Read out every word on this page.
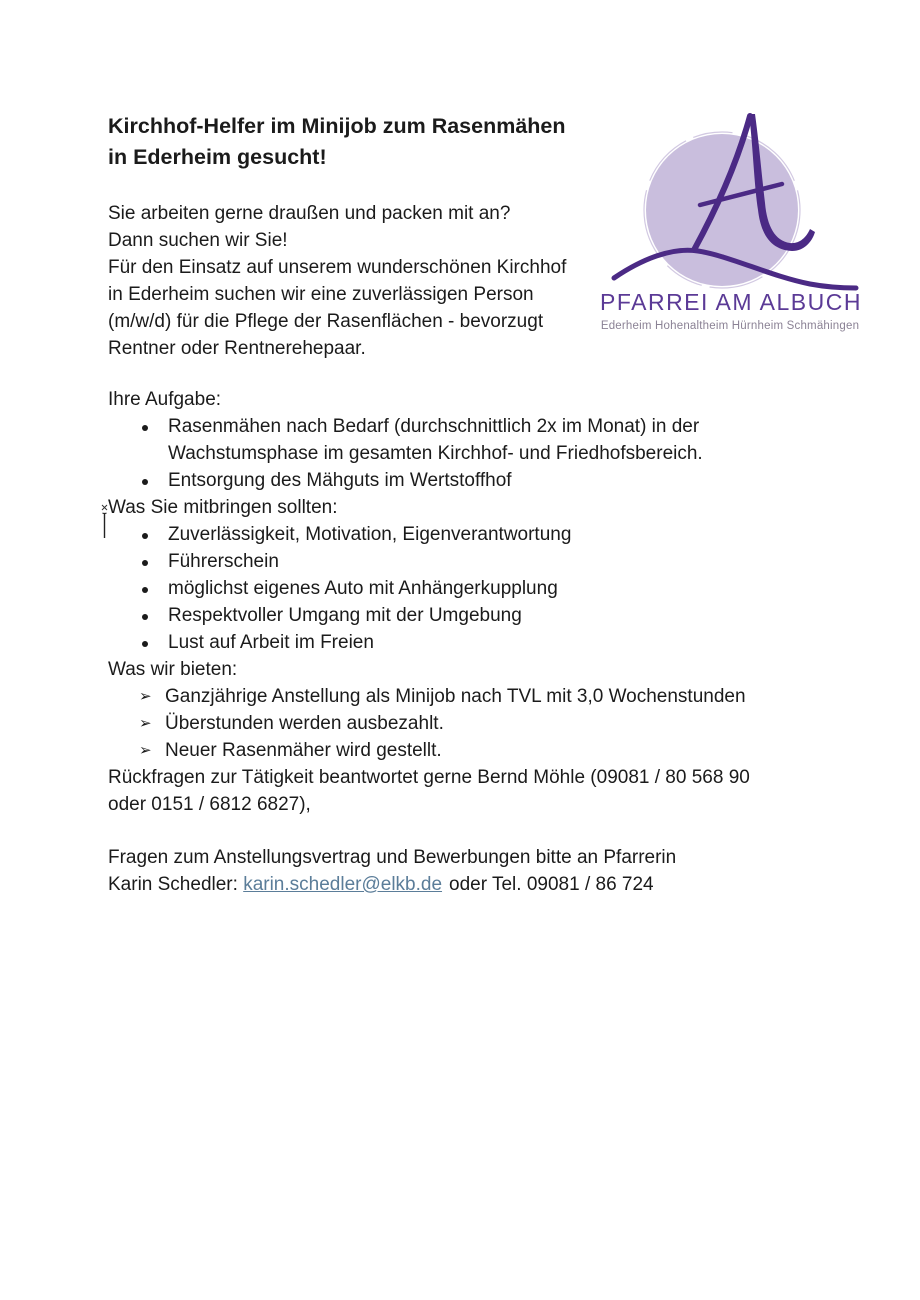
PFARREI AM ALBUCH
Ederheim Hohenaltheim Hürnheim Schmähingen
Kirchhof-Helfer im Minijob zum Rasenmähen
in Ederheim gesucht!
Sie arbeiten gerne draußen und packen mit an?
Dann suchen wir Sie!
Für den Einsatz auf unserem wunderschönen Kirchhof
in Ederheim suchen wir eine zuverlässigen Person
(m/w/d) für die Pflege der Rasenflächen - bevorzugt
Rentner oder Rentnerehepaar.
Ihre Aufgabe:
Rasenmähen nach Bedarf (durchschnittlich 2x im Monat) in der
Wachstumsphase im gesamten Kirchhof- und Friedhofsbereich.
Entsorgung des Mähguts im Wertstoffhof
Was Sie mitbringen sollten:
Zuverlässigkeit, Motivation, Eigenverantwortung
Führerschein
möglichst eigenes Auto mit Anhängerkupplung
Respektvoller Umgang mit der Umgebung
Lust auf Arbeit im Freien
Was wir bieten:
➢ Ganzjährige Anstellung als Minijob nach TVL mit 3,0 Wochenstunden
➢ Überstunden werden ausbezahlt.
➢ Neuer Rasenmäher wird gestellt.
Rückfragen zur Tätigkeit beantwortet gerne Bernd Möhle (09081 / 80 568 90
oder 0151 / 6812 6827),
Fragen zum Anstellungsvertrag und Bewerbungen bitte an Pfarrerin
Karin Schedler: karin.schedler@elkb.de oder Tel. 09081 / 86 724
